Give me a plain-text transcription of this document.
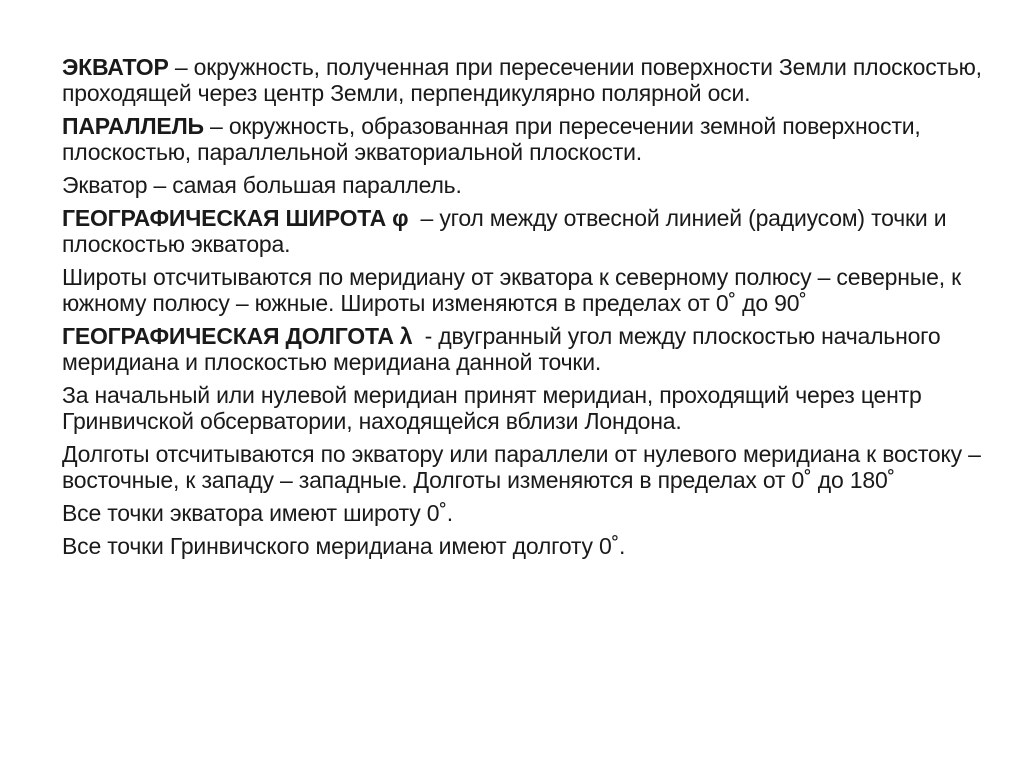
ЭКВАТОР – окружность, полученная при пересечении поверхности Земли плоскостью, проходящей через центр Земли, перпендикулярно полярной оси.

ПАРАЛЛЕЛЬ – окружность, образованная при пересечении земной поверхности, плоскостью, параллельной экваториальной плоскости.

Экватор – самая большая параллель.

ГЕОГРАФИЧЕСКАЯ ШИРОТА φ – угол между отвесной линией (радиусом) точки и плоскостью экватора.

Широты отсчитываются по меридиану от экватора к северному полюсу – северные, к южному полюсу – южные. Широты изменяются в пределах от 0˚ до 90˚

ГЕОГРАФИЧЕСКАЯ ДОЛГОТА λ - двугранный угол между плоскостью начального меридиана и плоскостью меридиана данной точки.

За начальный или нулевой меридиан принят меридиан, проходящий через центр Гринвичской обсерватории, находящейся вблизи Лондона.

Долготы отсчитываются по экватору или параллели от нулевого меридиана к востоку – восточные, к западу – западные. Долготы изменяются в пределах от 0˚ до 180˚

Все точки экватора имеют широту 0˚.

Все точки Гринвичского меридиана имеют долготу 0˚.
